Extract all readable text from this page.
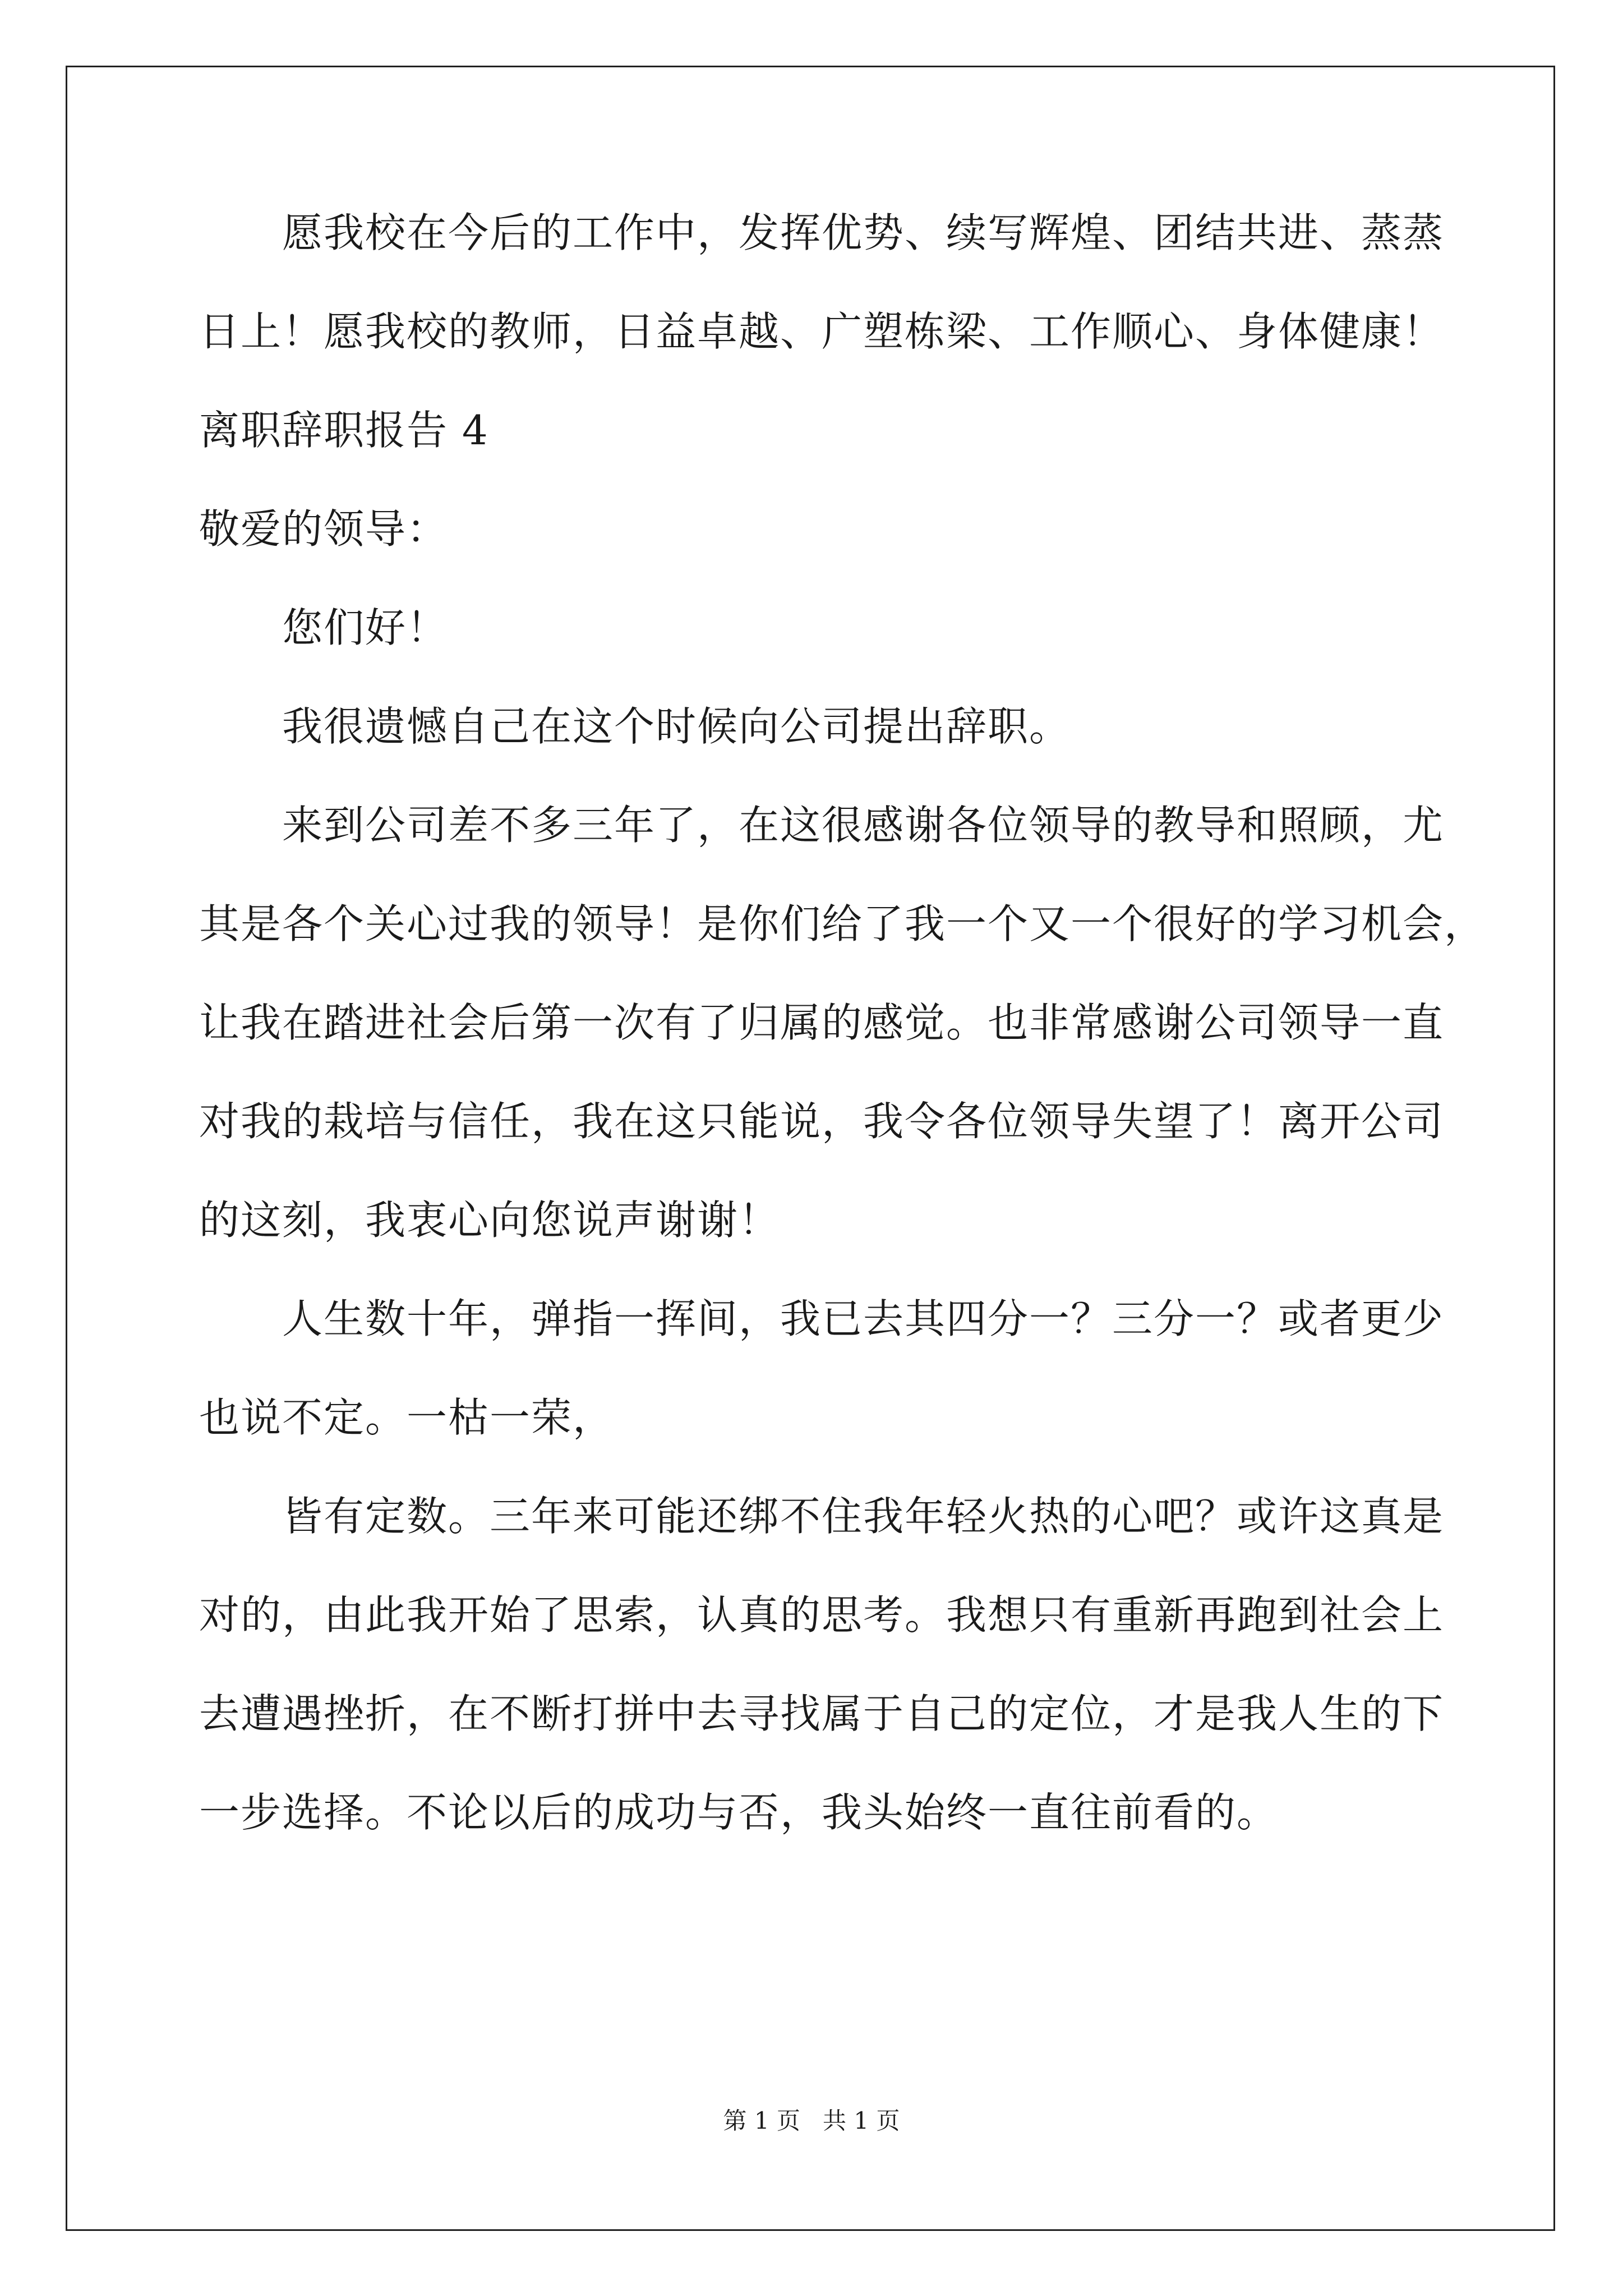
愿我校在今后的工作中，发挥优势、续写辉煌、团结共进、蒸蒸
日上！愿我校的教师，日益卓越、广塑栋梁、工作顺心、身体健康！
离职辞职报告 4
敬爱的领导：
您们好！
我很遗憾自己在这个时候向公司提出辞职。
来到公司差不多三年了，在这很感谢各位领导的教导和照顾，尤
其是各个关心过我的领导！是你们给了我一个又一个很好的学习机会，
让我在踏进社会后第一次有了归属的感觉。也非常感谢公司领导一直
对我的栽培与信任，我在这只能说，我令各位领导失望了！离开公司
的这刻，我衷心向您说声谢谢！
人生数十年，弹指一挥间，我已去其四分一？三分一？或者更少
也说不定。一枯一荣，
皆有定数。三年来可能还绑不住我年轻火热的心吧？或许这真是
对的，由此我开始了思索，认真的思考。我想只有重新再跑到社会上
去遭遇挫折，在不断打拼中去寻找属于自己的定位，才是我人生的下
一步选择。不论以后的成功与否，我头始终一直往前看的。
第 1 页   共 1 页
